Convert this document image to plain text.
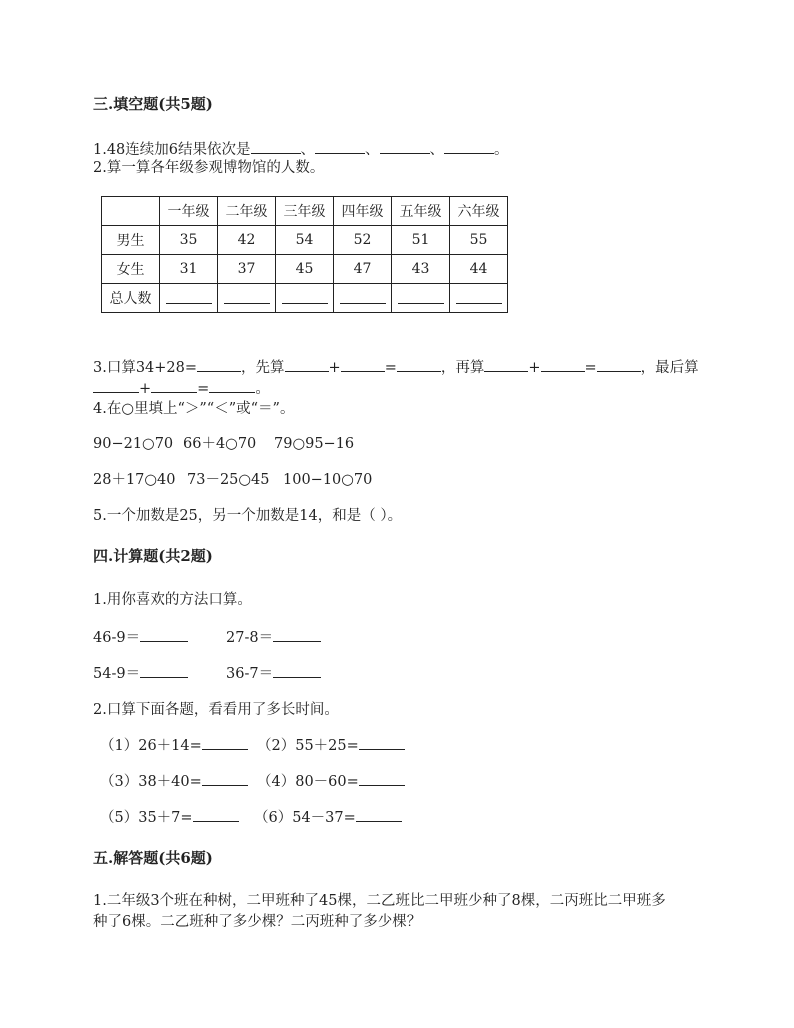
三.填空题(共5题)
1.48连续加6结果依次是	、	、	、	。
2.算一算各年级参观博物馆的人数。
	一年级	二年级	三年级	四年级	五年级	六年级
男生	35	42	54	52	51	55
女生	31	37	45	47	43	44
总人数						
3.口算34+28=	，先算	+	=	，再算	+	=	，最后算
+	=	。
4.在○里填上“＞”“＜”或“＝”。
90−21○70 66＋4○70 79○95−16
28＋17○40 73－25○45 100−10○70
5.一个加数是25，另一个加数是14，和是（ ）。
四.计算题(共2题)
1.用你喜欢的方法口算。
46-9＝	27-8＝
54-9＝	36-7＝
2.口算下面各题，看看用了多长时间。
（1）26＋14=	（2）55＋25=
（3）38＋40=	（4）80－60=
（5）35＋7=	（6）54－37=
五.解答题(共6题)
1.二年级3个班在种树，二甲班种了45棵，二乙班比二甲班少种了8棵，二丙班比二甲班多
种了6棵。二乙班种了多少棵？二丙班种了多少棵？
